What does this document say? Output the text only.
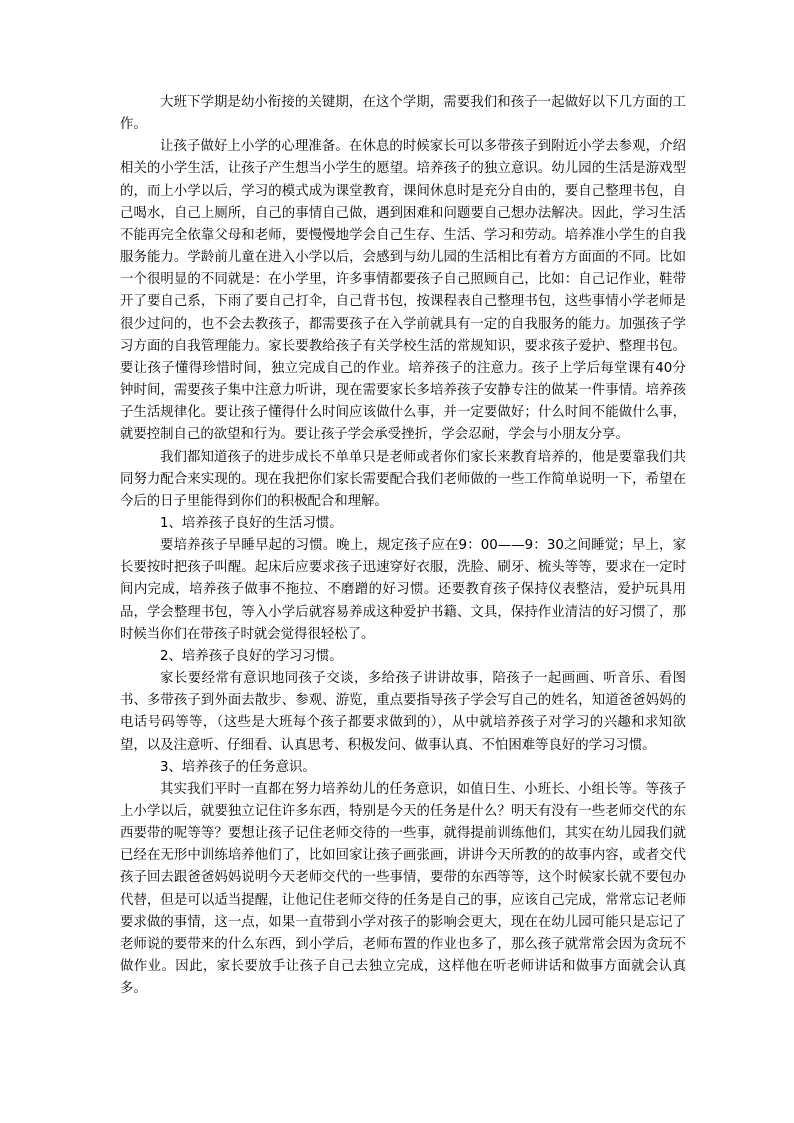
大班下学期是幼小衔接的关键期，在这个学期，需要我们和孩子一起做好以下几方面的工作。

让孩子做好上小学的心理准备。在休息的时候家长可以多带孩子到附近小学去参观，介绍相关的小学生活，让孩子产生想当小学生的愿望。培养孩子的独立意识。幼儿园的生活是游戏型的，而上小学以后，学习的模式成为课堂教育，课间休息时是充分自由的，要自己整理书包，自己喝水，自己上厕所，自己的事情自己做，遇到困难和问题要自己想办法解决。因此，学习生活不能再完全依靠父母和老师，要慢慢地学会自己生存、生活、学习和劳动。培养准小学生的自我服务能力。学龄前儿童在进入小学以后，会感到与幼儿园的生活相比有着方方面面的不同。比如一个很明显的不同就是：在小学里，许多事情都要孩子自己照顾自己，比如：自己记作业，鞋带开了要自己系，下雨了要自己打伞，自己背书包，按课程表自己整理书包，这些事情小学老师是很少过问的，也不会去教孩子，都需要孩子在入学前就具有一定的自我服务的能力。加强孩子学习方面的自我管理能力。家长要教给孩子有关学校生活的常规知识，要求孩子爱护、整理书包。要让孩子懂得珍惜时间，独立完成自己的作业。培养孩子的注意力。孩子上学后每堂课有40分钟时间，需要孩子集中注意力听讲，现在需要家长多培养孩子安静专注的做某一件事情。培养孩子生活规律化。要让孩子懂得什么时间应该做什么事，并一定要做好；什么时间不能做什么事，就要控制自己的欲望和行为。要让孩子学会承受挫折，学会忍耐，学会与小朋友分享。

我们都知道孩子的进步成长不单单只是老师或者你们家长来教育培养的，他是要靠我们共同努力配合来实现的。现在我把你们家长需要配合我们老师做的一些工作简单说明一下，希望在今后的日子里能得到你们的积极配合和理解。

1、培养孩子良好的生活习惯。

要培养孩子早睡早起的习惯。晚上，规定孩子应在9：00——9：30之间睡觉；早上，家长要按时把孩子叫醒。起床后应要求孩子迅速穿好衣服，洗脸、刷牙、梳头等等，要求在一定时间内完成，培养孩子做事不拖拉、不磨蹭的好习惯。还要教育孩子保持仪表整洁，爱护玩具用品，学会整理书包，等入小学后就容易养成这种爱护书籍、文具，保持作业清洁的好习惯了，那时候当你们在带孩子时就会觉得很轻松了。

2、培养孩子良好的学习习惯。

家长要经常有意识地同孩子交谈，多给孩子讲讲故事，陪孩子一起画画、听音乐、看图书、多带孩子到外面去散步、参观、游览，重点要指导孩子学会写自己的姓名，知道爸爸妈妈的电话号码等等，（这些是大班每个孩子都要求做到的），从中就培养孩子对学习的兴趣和求知欲望，以及注意听、仔细看、认真思考、积极发问、做事认真、不怕困难等良好的学习习惯。

3、培养孩子的任务意识。

其实我们平时一直都在努力培养幼儿的任务意识，如值日生、小班长、小组长等。等孩子上小学以后，就要独立记住许多东西，特别是今天的任务是什么？明天有没有一些老师交代的东西要带的呢等等？要想让孩子记住老师交待的一些事，就得提前训练他们，其实在幼儿园我们就已经在无形中训练培养他们了，比如回家让孩子画张画，讲讲今天所教的的故事内容，或者交代孩子回去跟爸爸妈妈说明今天老师交代的一些事情，要带的东西等等，这个时候家长就不要包办代替，但是可以适当提醒，让他记住老师交待的任务是自己的事，应该自己完成，常常忘记老师要求做的事情，这一点，如果一直带到小学对孩子的影响会更大，现在在幼儿园可能只是忘记了老师说的要带来的什么东西，到小学后，老师布置的作业也多了，那么孩子就常常会因为贪玩不做作业。因此，家长要放手让孩子自己去独立完成，这样他在听老师讲话和做事方面就会认真多。
